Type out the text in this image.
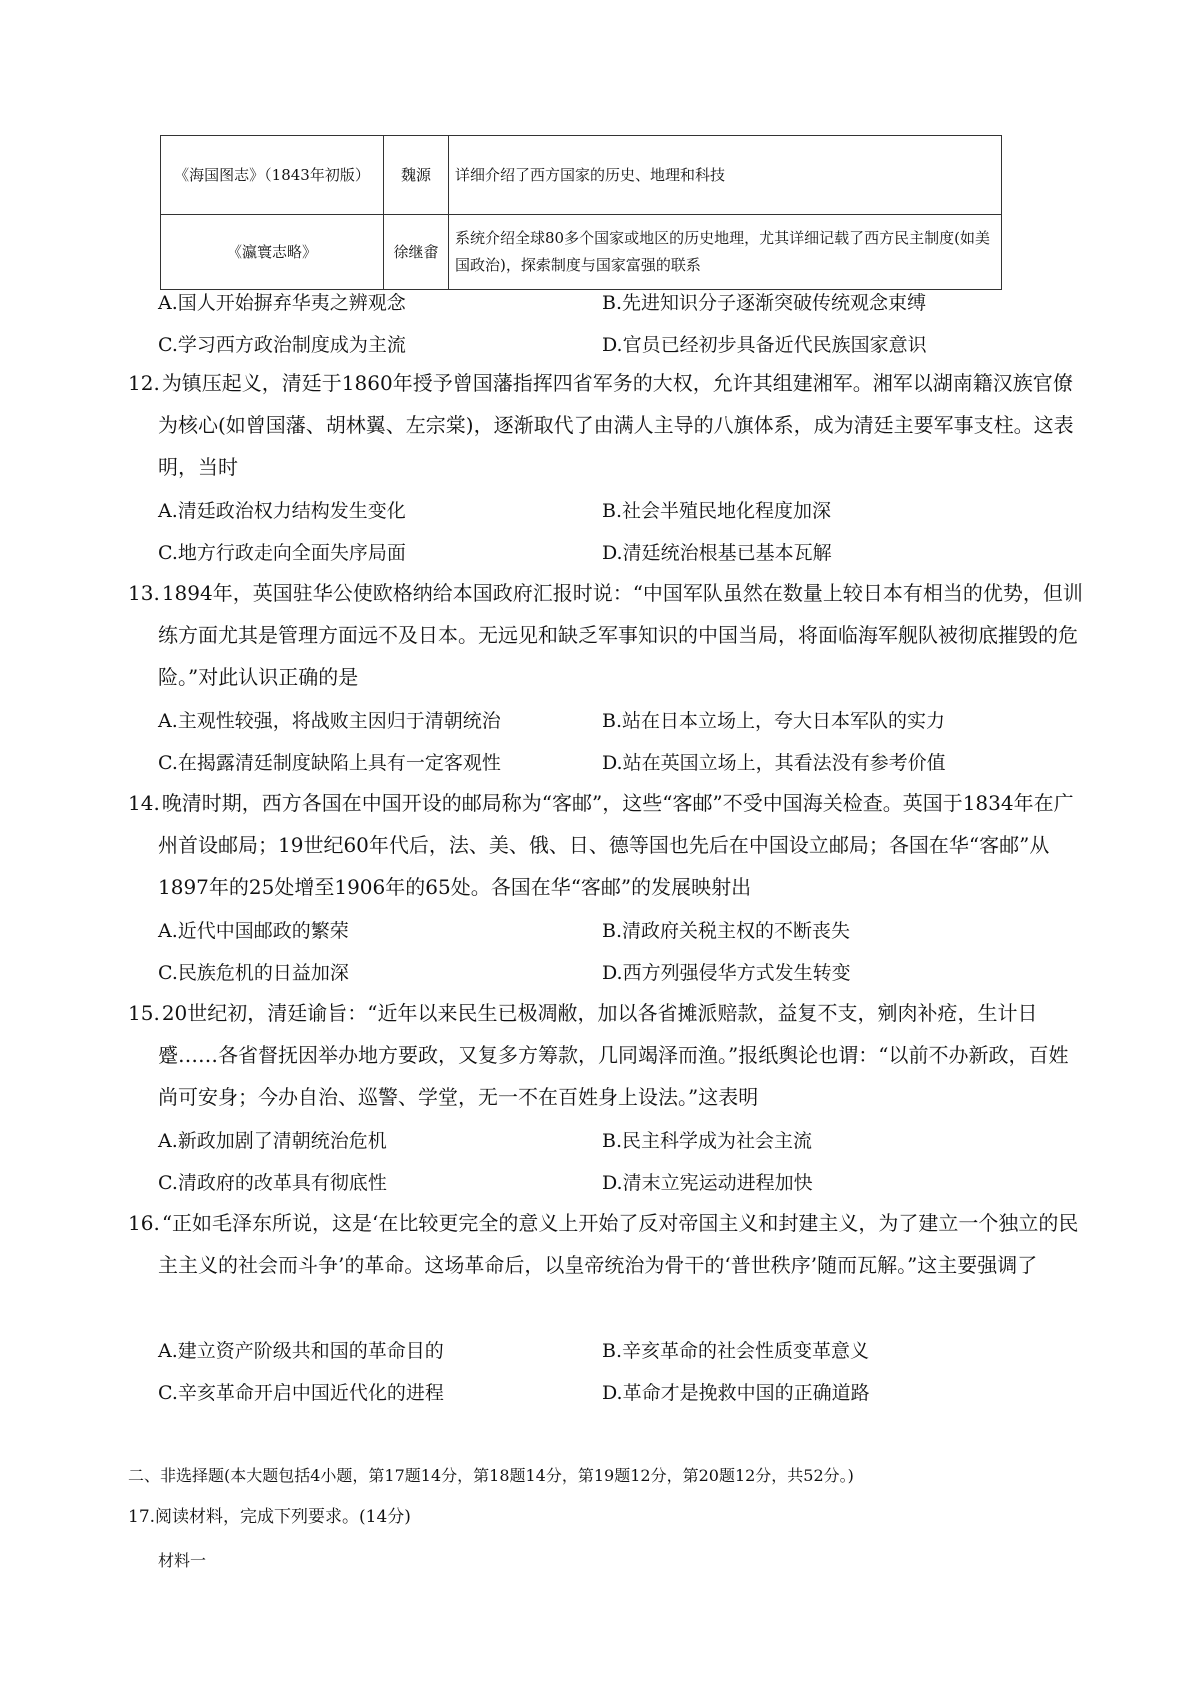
《海国图志》（1843年初版）	魏源	详细介绍了西方国家的历史、地理和科技
《瀛寰志略》	徐继畬	系统介绍全球80多个国家或地区的历史地理，尤其详细记载了西方民主制度(如美国政治)，探索制度与国家富强的联系
A.国人开始摒弃华夷之辨观念	B.先进知识分子逐渐突破传统观念束缚
C.学习西方政治制度成为主流	D.官员已经初步具备近代民族国家意识
12. 为镇压起义，清廷于1860年授予曾国藩指挥四省军务的大权，允许其组建湘军。湘军以湖南籍汉族官僚为核心(如曾国藩、胡林翼、左宗棠)，逐渐取代了由满人主导的八旗体系，成为清廷主要军事支柱。这表明，当时
A.清廷政治权力结构发生变化	B.社会半殖民地化程度加深
C.地方行政走向全面失序局面	D.清廷统治根基已基本瓦解
13. 1894年，英国驻华公使欧格纳给本国政府汇报时说：“中国军队虽然在数量上较日本有相当的优势，但训练方面尤其是管理方面远不及日本。无远见和缺乏军事知识的中国当局，将面临海军舰队被彻底摧毁的危险。”对此认识正确的是
A.主观性较强，将战败主因归于清朝统治	B.站在日本立场上，夸大日本军队的实力
C.在揭露清廷制度缺陷上具有一定客观性	D.站在英国立场上，其看法没有参考价值
14. 晚清时期，西方各国在中国开设的邮局称为“客邮”，这些“客邮”不受中国海关检查。英国于1834年在广州首设邮局；19世纪60年代后，法、美、俄、日、德等国也先后在中国设立邮局；各国在华“客邮”从1897年的25处增至1906年的65处。各国在华“客邮”的发展映射出
A.近代中国邮政的繁荣	B.清政府关税主权的不断丧失
C.民族危机的日益加深	D.西方列强侵华方式发生转变
15. 20世纪初，清廷谕旨：“近年以来民生已极凋敝，加以各省摊派赔款，益复不支，剜肉补疮，生计日蹙……各省督抚因举办地方要政，又复多方筹款，几同竭泽而渔。”报纸舆论也谓：“以前不办新政，百姓尚可安身；今办自治、巡警、学堂，无一不在百姓身上设法。”这表明
A.新政加剧了清朝统治危机	B.民主科学成为社会主流
C.清政府的改革具有彻底性	D.清末立宪运动进程加快
16. “正如毛泽东所说，这是‘在比较更完全的意义上开始了反对帝国主义和封建主义，为了建立一个独立的民主主义的社会而斗争’的革命。这场革命后，以皇帝统治为骨干的‘普世秩序’随而瓦解。”这主要强调了
A.建立资产阶级共和国的革命目的	B.辛亥革命的社会性质变革意义
C.辛亥革命开启中国近代化的进程	D.革命才是挽救中国的正确道路
二、非选择题(本大题包括4小题，第17题14分，第18题14分，第19题12分，第20题12分，共52分。)
17.阅读材料，完成下列要求。(14分)
材料一
